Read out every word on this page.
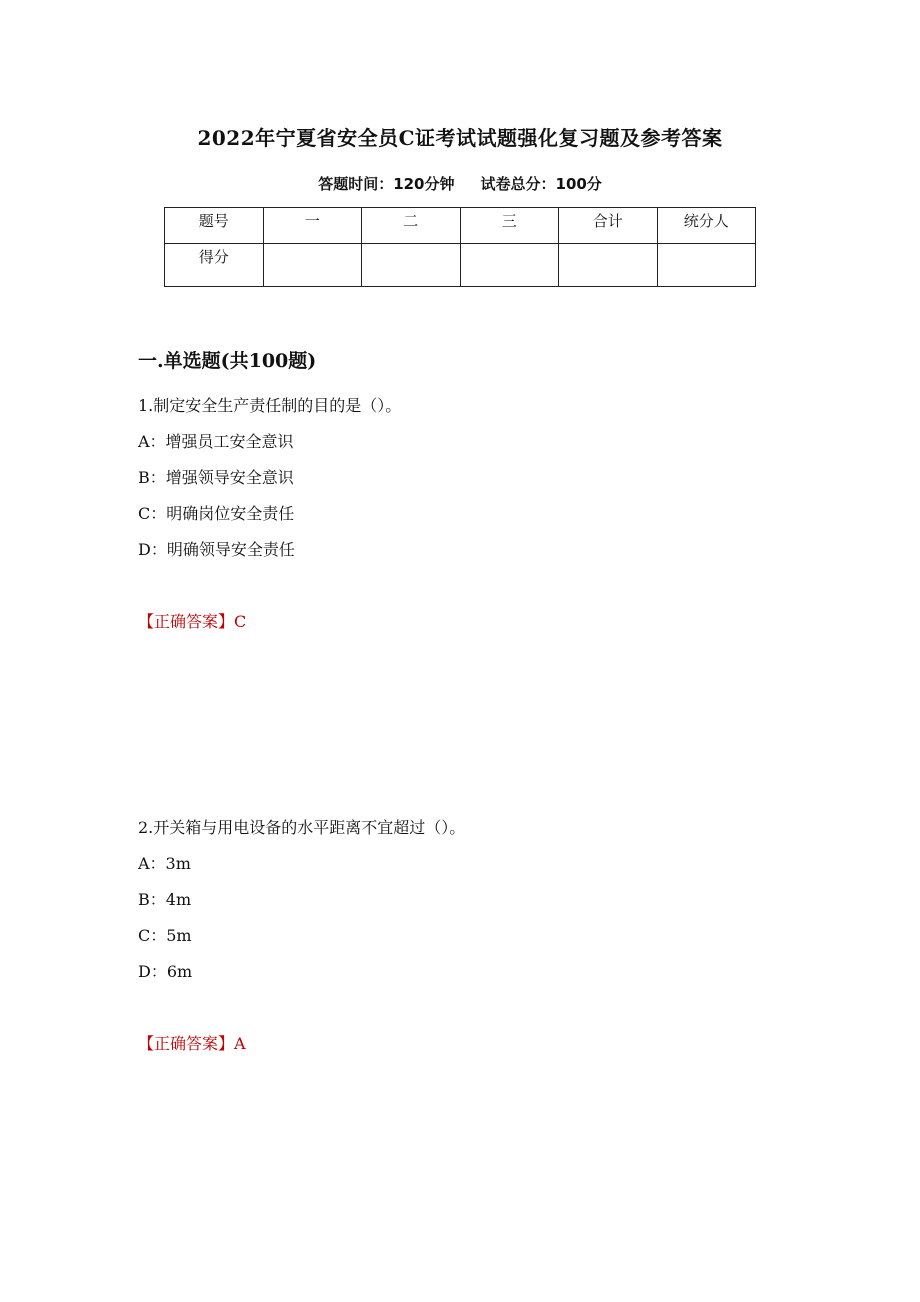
2022年宁夏省安全员C证考试试题强化复习题及参考答案
答题时间：120分钟 试卷总分：100分
题号	一	二	三	合计	统分人
得分					
一.单选题(共100题)
1.制定安全生产责任制的目的是（）。
A：增强员工安全意识
B：增强领导安全意识
C：明确岗位安全责任
D：明确领导安全责任
【正确答案】C
2.开关箱与用电设备的水平距离不宜超过（）。
A：3m
B：4m
C：5m
D：6m
【正确答案】A
